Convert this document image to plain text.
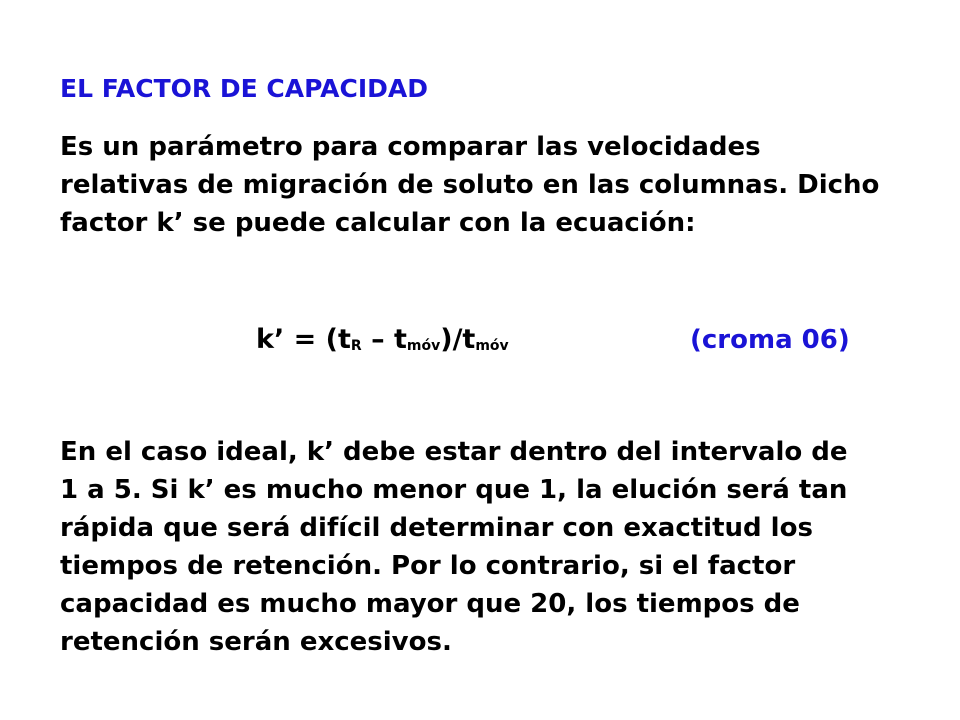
EL FACTOR DE CAPACIDAD
Es un parámetro para comparar las velocidades
relativas de migración de soluto en las columnas. Dicho
factor k’ se puede calcular con la ecuación:
k’ = $(t_R - t_{móv})/t_{móv}$	(croma 06)
En el caso ideal, k’ debe estar dentro del intervalo de
1 a 5. Si k’ es mucho menor que 1, la elución será tan
rápida que será difícil determinar con exactitud los
tiempos de retención. Por lo contrario, si el factor
capacidad es mucho mayor que 20, los tiempos de
retención serán excesivos.
